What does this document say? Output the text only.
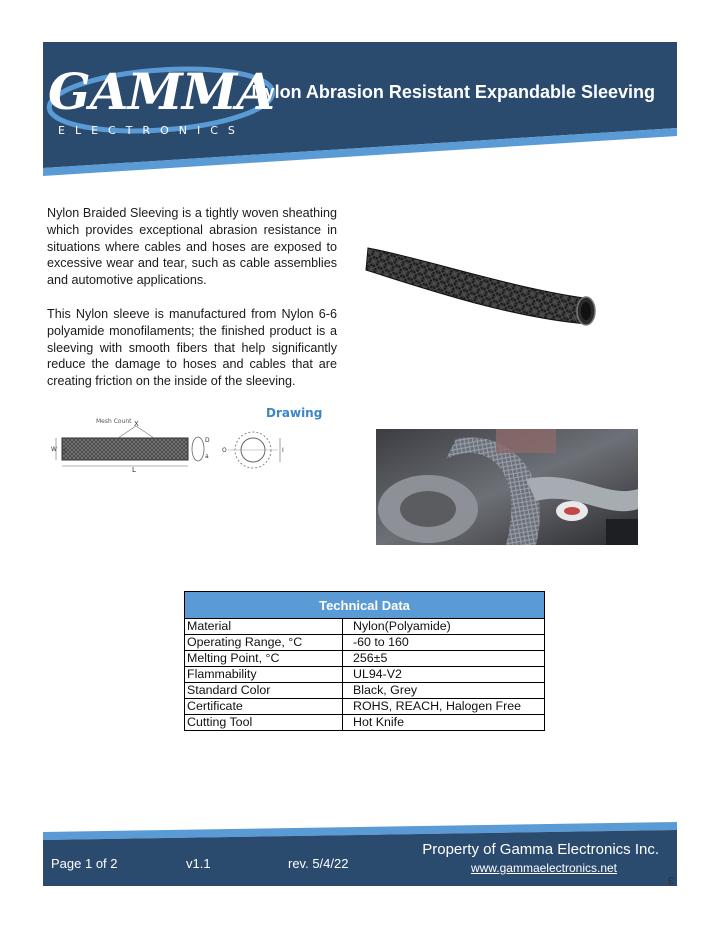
GAMMA
ELECTRONICS
Nylon Abrasion Resistant Expandable Sleeving

Nylon Braided Sleeving is a tightly woven sheathing which provides exceptional abrasion resistance in situations where cables and hoses are exposed to excessive wear and tear, such as cable assemblies and automotive applications.

This Nylon sleeve is manufactured from Nylon 6-6 polyamide monofilaments; the finished product is a sleeving with smooth fibers that help significantly reduce the damage to hoses and cables that are creating friction on the inside of the sleeving.

Drawing
X
W S
L
D
a
I
O
Mesh Count
Technical Data	
Material	Nylon(Polyamide)
Operating Range, °C	-60 to 160
Melting Point, °C	256±5
Flammability	UL94-V2
Standard Color	Black, Grey
Certificate	ROHS, REACH, Halogen Free
Cutting Tool	Hot Knife
Page 1 of 2	v1.1	rev. 5/4/22
Property of Gamma Electronics Inc.
www.gammaelectronics.net
3
